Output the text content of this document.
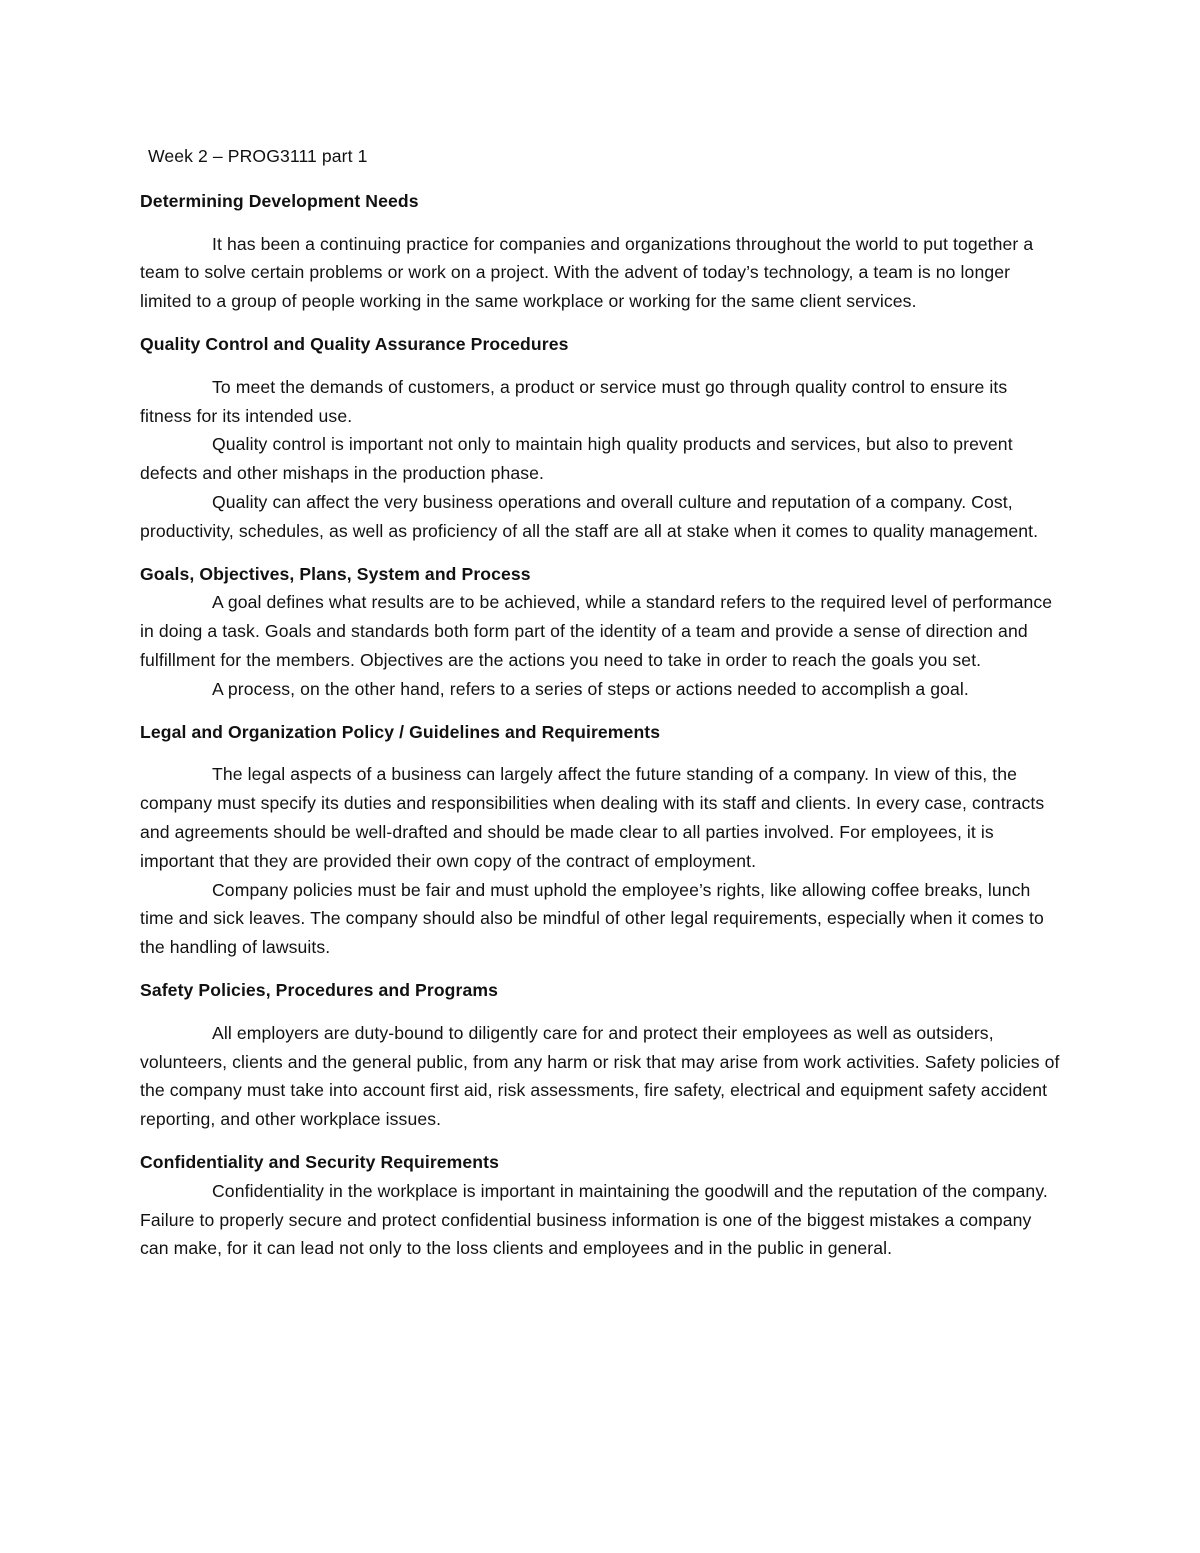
Week 2 – PROG3111 part 1

Determining Development Needs

It has been a continuing practice for companies and organizations throughout the world to put together a team to solve certain problems or work on a project. With the advent of today’s technology, a team is no longer limited to a group of people working in the same workplace or working for the same client services.

Quality Control and Quality Assurance Procedures

To meet the demands of customers, a product or service must go through quality control to ensure its fitness for its intended use.

Quality control is important not only to maintain high quality products and services, but also to prevent defects and other mishaps in the production phase.

Quality can affect the very business operations and overall culture and reputation of a company. Cost, productivity, schedules, as well as proficiency of all the staff are all at stake when it comes to quality management.

Goals, Objectives, Plans, System and Process

A goal defines what results are to be achieved, while a standard refers to the required level of performance in doing a task. Goals and standards both form part of the identity of a team and provide a sense of direction and fulfillment for the members. Objectives are the actions you need to take in order to reach the goals you set.

A process, on the other hand, refers to a series of steps or actions needed to accomplish a goal.

Legal and Organization Policy / Guidelines and Requirements

The legal aspects of a business can largely affect the future standing of a company. In view of this, the company must specify its duties and responsibilities when dealing with its staff and clients. In every case, contracts and agreements should be well-drafted and should be made clear to all parties involved. For employees, it is important that they are provided their own copy of the contract of employment.

Company policies must be fair and must uphold the employee’s rights, like allowing coffee breaks, lunch time and sick leaves. The company should also be mindful of other legal requirements, especially when it comes to the handling of lawsuits.

Safety Policies, Procedures and Programs

All employers are duty-bound to diligently care for and protect their employees as well as outsiders, volunteers, clients and the general public, from any harm or risk that may arise from work activities. Safety policies of the company must take into account first aid, risk assessments, fire safety, electrical and equipment safety accident reporting, and other workplace issues.

Confidentiality and Security Requirements

Confidentiality in the workplace is important in maintaining the goodwill and the reputation of the company. Failure to properly secure and protect confidential business information is one of the biggest mistakes a company can make, for it can lead not only to the loss clients and employees and in the public in general.
